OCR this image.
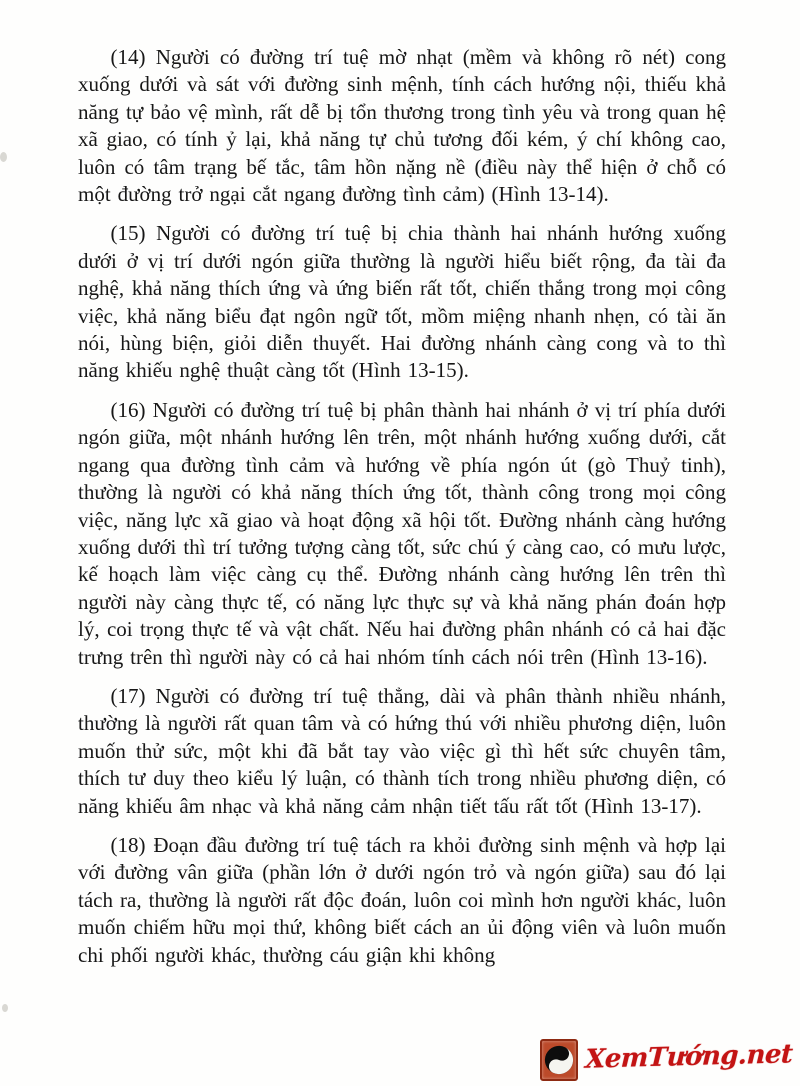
(14) Người có đường trí tuệ mờ nhạt (mềm và không rõ nét) cong xuống dưới và sát với đường sinh mệnh, tính cách hướng nội, thiếu khả năng tự bảo vệ mình, rất dễ bị tổn thương trong tình yêu và trong quan hệ xã giao, có tính ỷ lại, khả năng tự chủ tương đối kém, ý chí không cao, luôn có tâm trạng bế tắc, tâm hồn nặng nề (điều này thể hiện ở chỗ có một đường trở ngại cắt ngang đường tình cảm) (Hình 13-14).

(15) Người có đường trí tuệ bị chia thành hai nhánh hướng xuống dưới ở vị trí dưới ngón giữa thường là người hiểu biết rộng, đa tài đa nghệ, khả năng thích ứng và ứng biến rất tốt, chiến thắng trong mọi công việc, khả năng biểu đạt ngôn ngữ tốt, mồm miệng nhanh nhẹn, có tài ăn nói, hùng biện, giỏi diễn thuyết. Hai đường nhánh càng cong và to thì năng khiếu nghệ thuật càng tốt (Hình 13-15).

(16) Người có đường trí tuệ bị phân thành hai nhánh ở vị trí phía dưới ngón giữa, một nhánh hướng lên trên, một nhánh hướng xuống dưới, cắt ngang qua đường tình cảm và hướng về phía ngón út (gò Thuỷ tinh), thường là người có khả năng thích ứng tốt, thành công trong mọi công việc, năng lực xã giao và hoạt động xã hội tốt. Đường nhánh càng hướng xuống dưới thì trí tưởng tượng càng tốt, sức chú ý càng cao, có mưu lược, kế hoạch làm việc càng cụ thể. Đường nhánh càng hướng lên trên thì người này càng thực tế, có năng lực thực sự và khả năng phán đoán hợp lý, coi trọng thực tế và vật chất. Nếu hai đường phân nhánh có cả hai đặc trưng trên thì người này có cả hai nhóm tính cách nói trên (Hình 13-16).

(17) Người có đường trí tuệ thẳng, dài và phân thành nhiều nhánh, thường là người rất quan tâm và có hứng thú với nhiều phương diện, luôn muốn thử sức, một khi đã bắt tay vào việc gì thì hết sức chuyên tâm, thích tư duy theo kiểu lý luận, có thành tích trong nhiều phương diện, có năng khiếu âm nhạc và khả năng cảm nhận tiết tấu rất tốt (Hình 13-17).

(18) Đoạn đầu đường trí tuệ tách ra khỏi đường sinh mệnh và hợp lại với đường vân giữa (phần lớn ở dưới ngón trỏ và ngón giữa) sau đó lại tách ra, thường là người rất độc đoán, luôn coi mình hơn người khác, luôn muốn chiếm hữu mọi thứ, không biết cách an ủi động viên và luôn muốn chi phối người khác, thường cáu giận khi không

XemTướng.net
